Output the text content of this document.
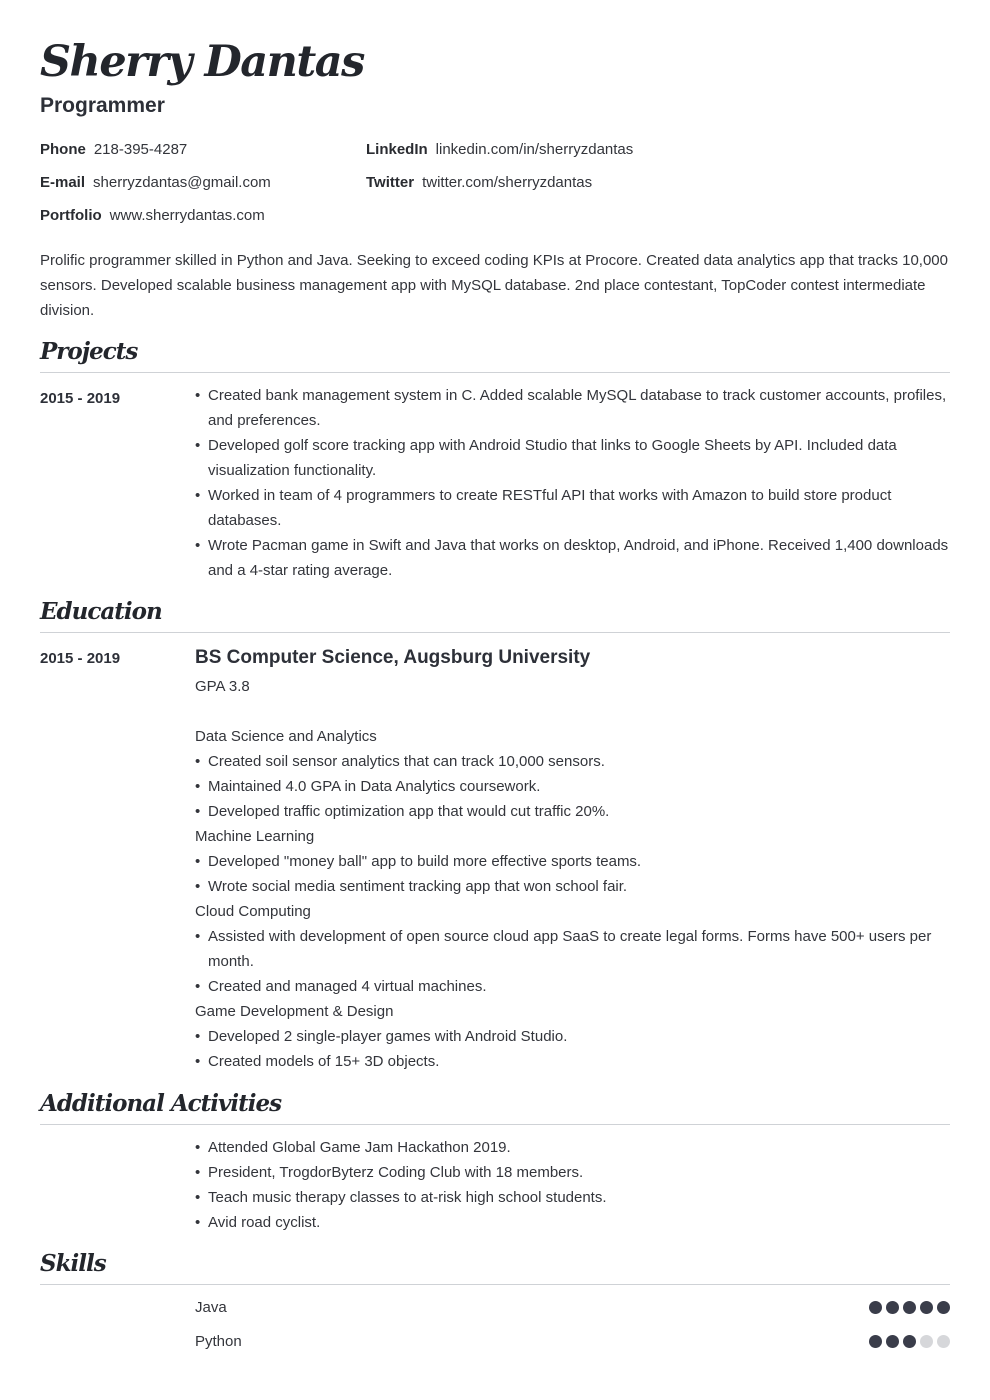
Sherry Dantas
Programmer
Phone 218-395-4287
E-mail sherryzdantas@gmail.com
Portfolio www.sherrydantas.com
LinkedIn linkedin.com/in/sherryzdantas
Twitter twitter.com/sherryzdantas
Prolific programmer skilled in Python and Java. Seeking to exceed coding KPIs at Procore. Created data analytics app that tracks 10,000 sensors. Developed scalable business management app with MySQL database. 2nd place contestant, TopCoder contest intermediate division.
Projects
2015 - 2019
•	Created bank management system in C. Added scalable MySQL database to track customer accounts, profiles, and preferences.
• Developed golf score tracking app with Android Studio that links to Google Sheets by API. Included data visualization functionality.
• Worked in team of 4 programmers to create RESTful API that works with Amazon to build store product databases.
• Wrote Pacman game in Swift and Java that works on desktop, Android, and iPhone. Received 1,400 downloads and a 4-star rating average.
Education
2015 - 2019	BS Computer Science, Augsburg University
GPA 3.8
Data Science and Analytics
• Created soil sensor analytics that can track 10,000 sensors.
• Maintained 4.0 GPA in Data Analytics coursework.
• Developed traffic optimization app that would cut traffic 20%.
Machine Learning
• Developed "money ball" app to build more effective sports teams.
• Wrote social media sentiment tracking app that won school fair.
Cloud Computing
• Assisted with development of open source cloud app SaaS to create legal forms. Forms have 500+ users per month.
• Created and managed 4 virtual machines.
Game Development & Design
• Developed 2 single-player games with Android Studio.
• Created models of 15+ 3D objects.
Additional Activities
• Attended Global Game Jam Hackathon 2019.
• President, TrogdorByterz Coding Club with 18 members.
• Teach music therapy classes to at-risk high school students.
• Avid road cyclist.
Skills
Java
Python
